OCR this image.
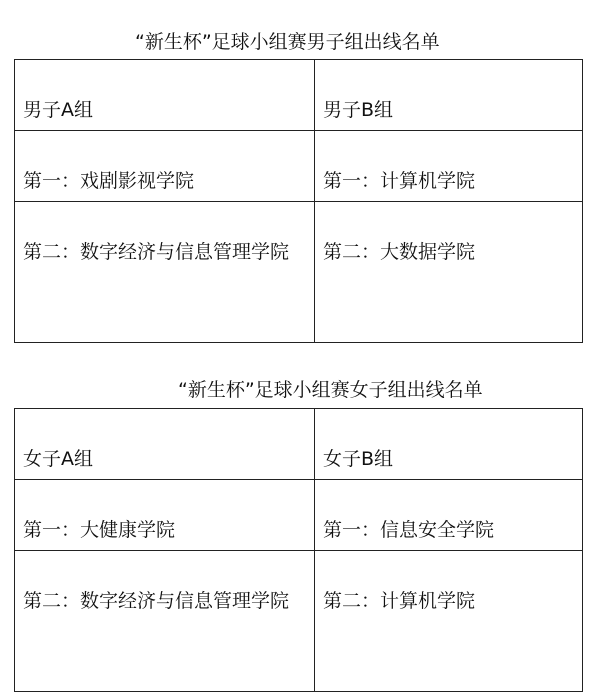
“新生杯”足球小组赛男子组出线名单
男子A组	男子B组
第一：戏剧影视学院	第一：计算机学院
第二：数字经济与信息管理学院	第二：大数据学院
“新生杯”足球小组赛女子组出线名单
女子A组	女子B组
第一：大健康学院	第一：信息安全学院
第二：数字经济与信息管理学院	第二：计算机学院
